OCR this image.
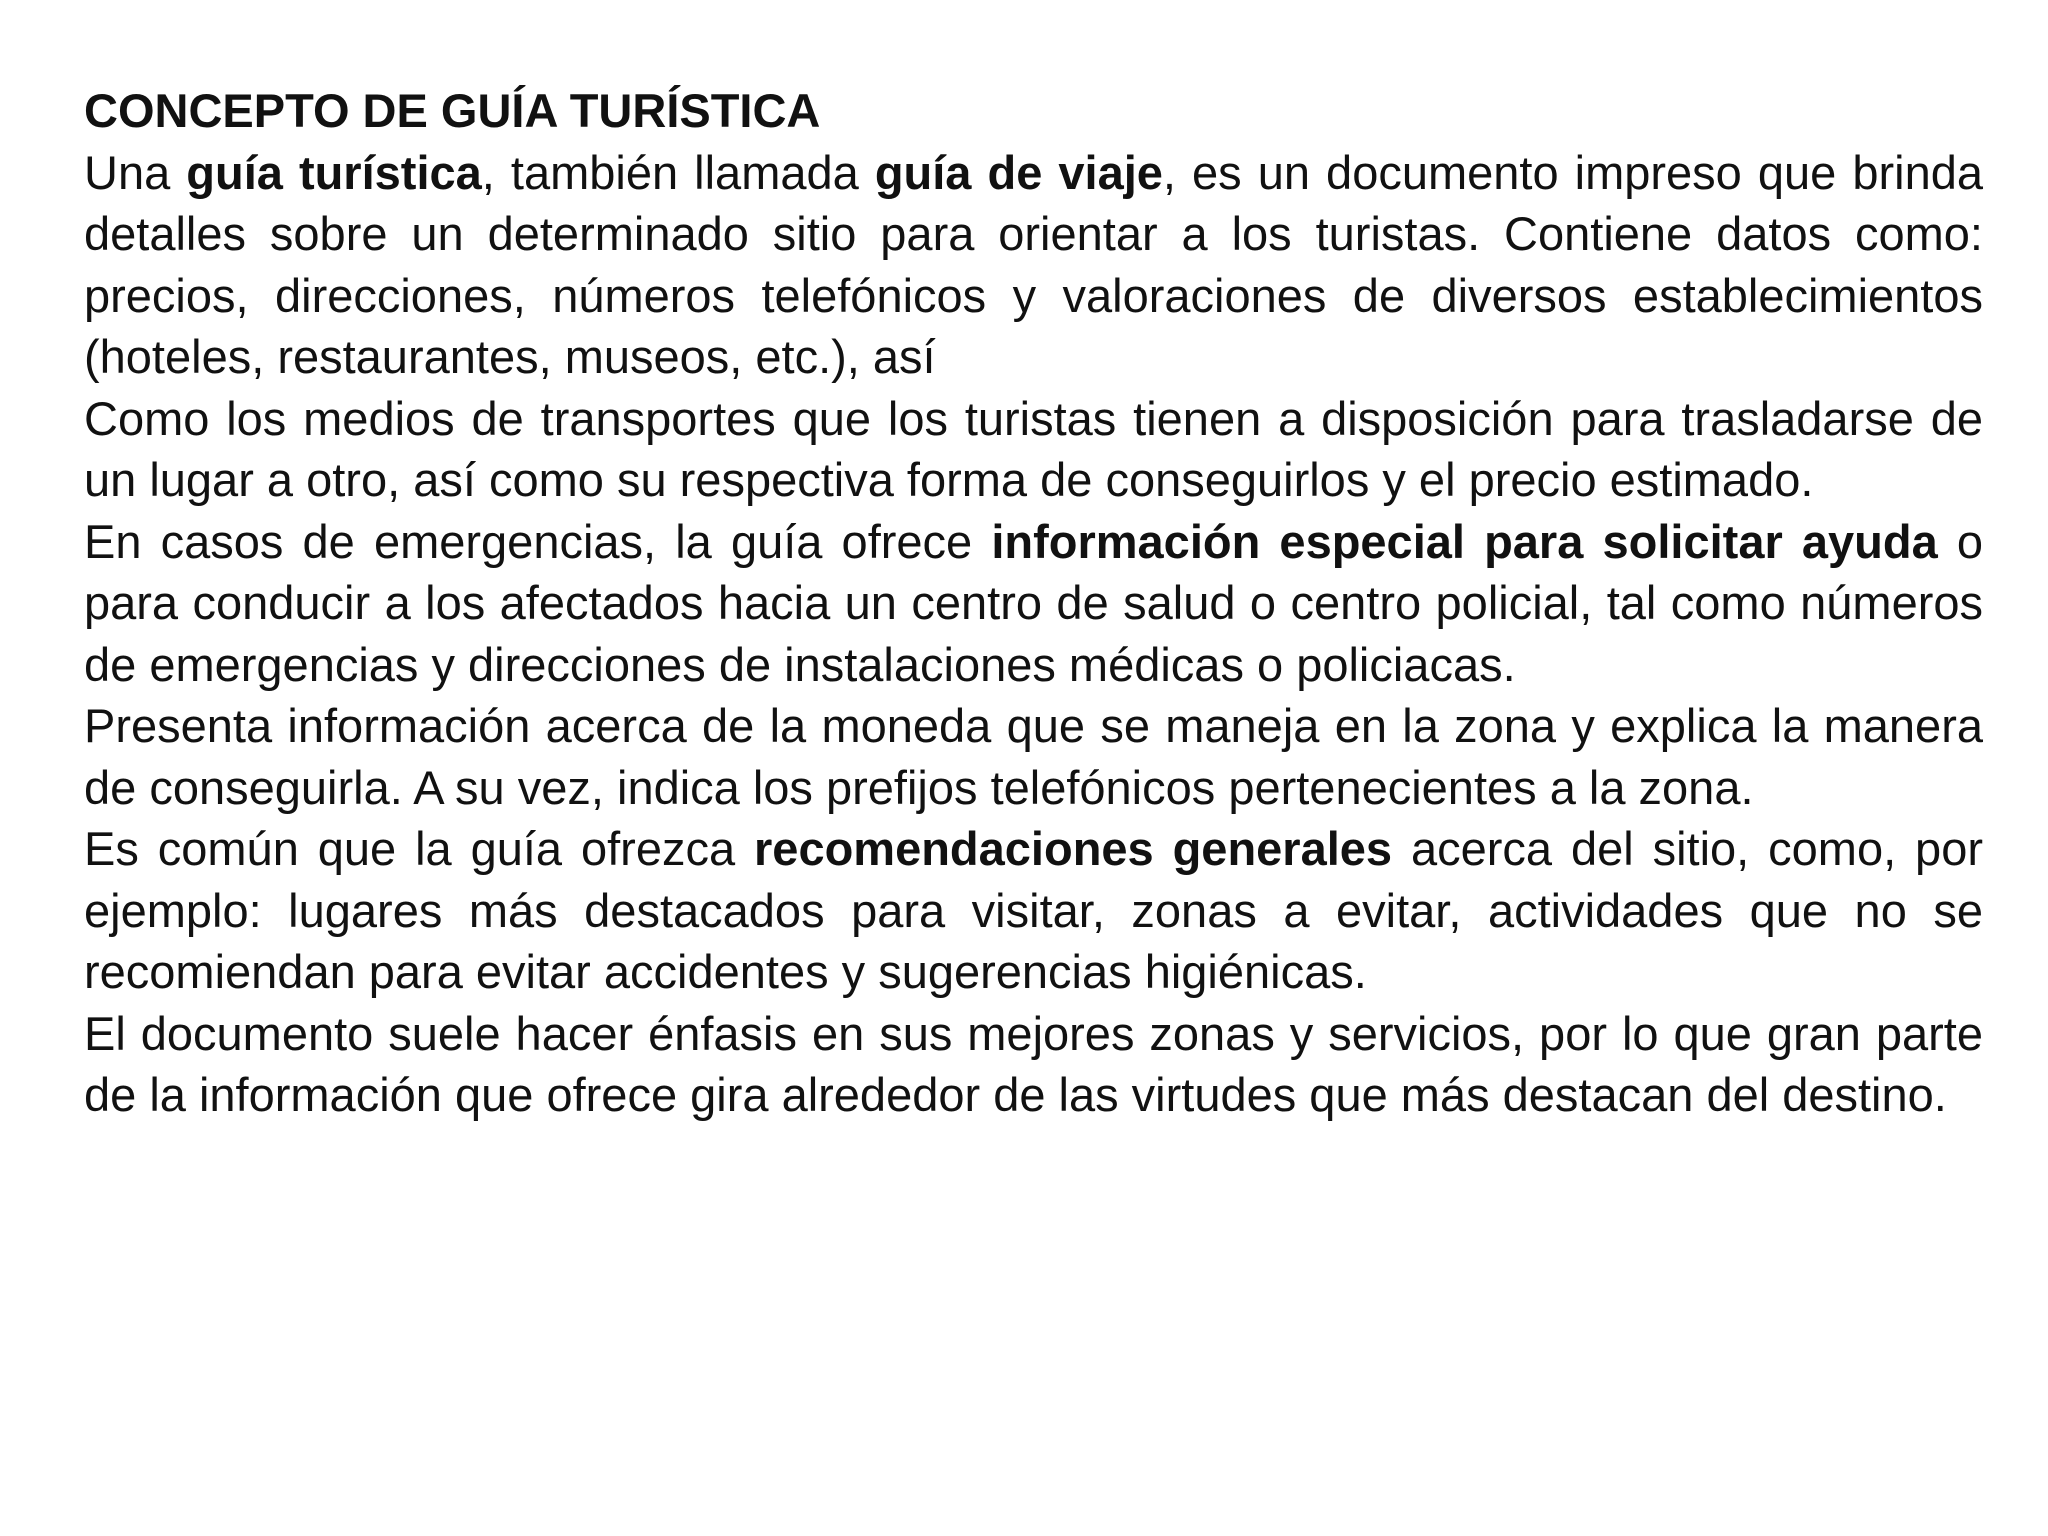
CONCEPTO DE GUÍA TURÍSTICA

Una guía turística, también llamada guía de viaje, es un documento impreso que brinda detalles sobre un determinado sitio para orientar a los turistas. Contiene datos como: precios, direcciones, números telefónicos y valoraciones de diversos establecimientos (hoteles, restaurantes, museos, etc.), así

Como los medios de transportes que los turistas tienen a disposición para trasladarse de un lugar a otro, así como su respectiva forma de conseguirlos y el precio estimado.

En casos de emergencias, la guía ofrece información especial para solicitar ayuda o para conducir a los afectados hacia un centro de salud o centro policial, tal como números de emergencias y direcciones de instalaciones médicas o policiacas.

Presenta información acerca de la moneda que se maneja en la zona y explica la manera de conseguirla. A su vez, indica los prefijos telefónicos pertenecientes a la zona.

Es común que la guía ofrezca recomendaciones generales acerca del sitio, como, por ejemplo: lugares más destacados para visitar, zonas a evitar, actividades que no se recomiendan para evitar accidentes y sugerencias higiénicas.

El documento suele hacer énfasis en sus mejores zonas y servicios, por lo que gran parte de la información que ofrece gira alrededor de las virtudes que más destacan del destino.
